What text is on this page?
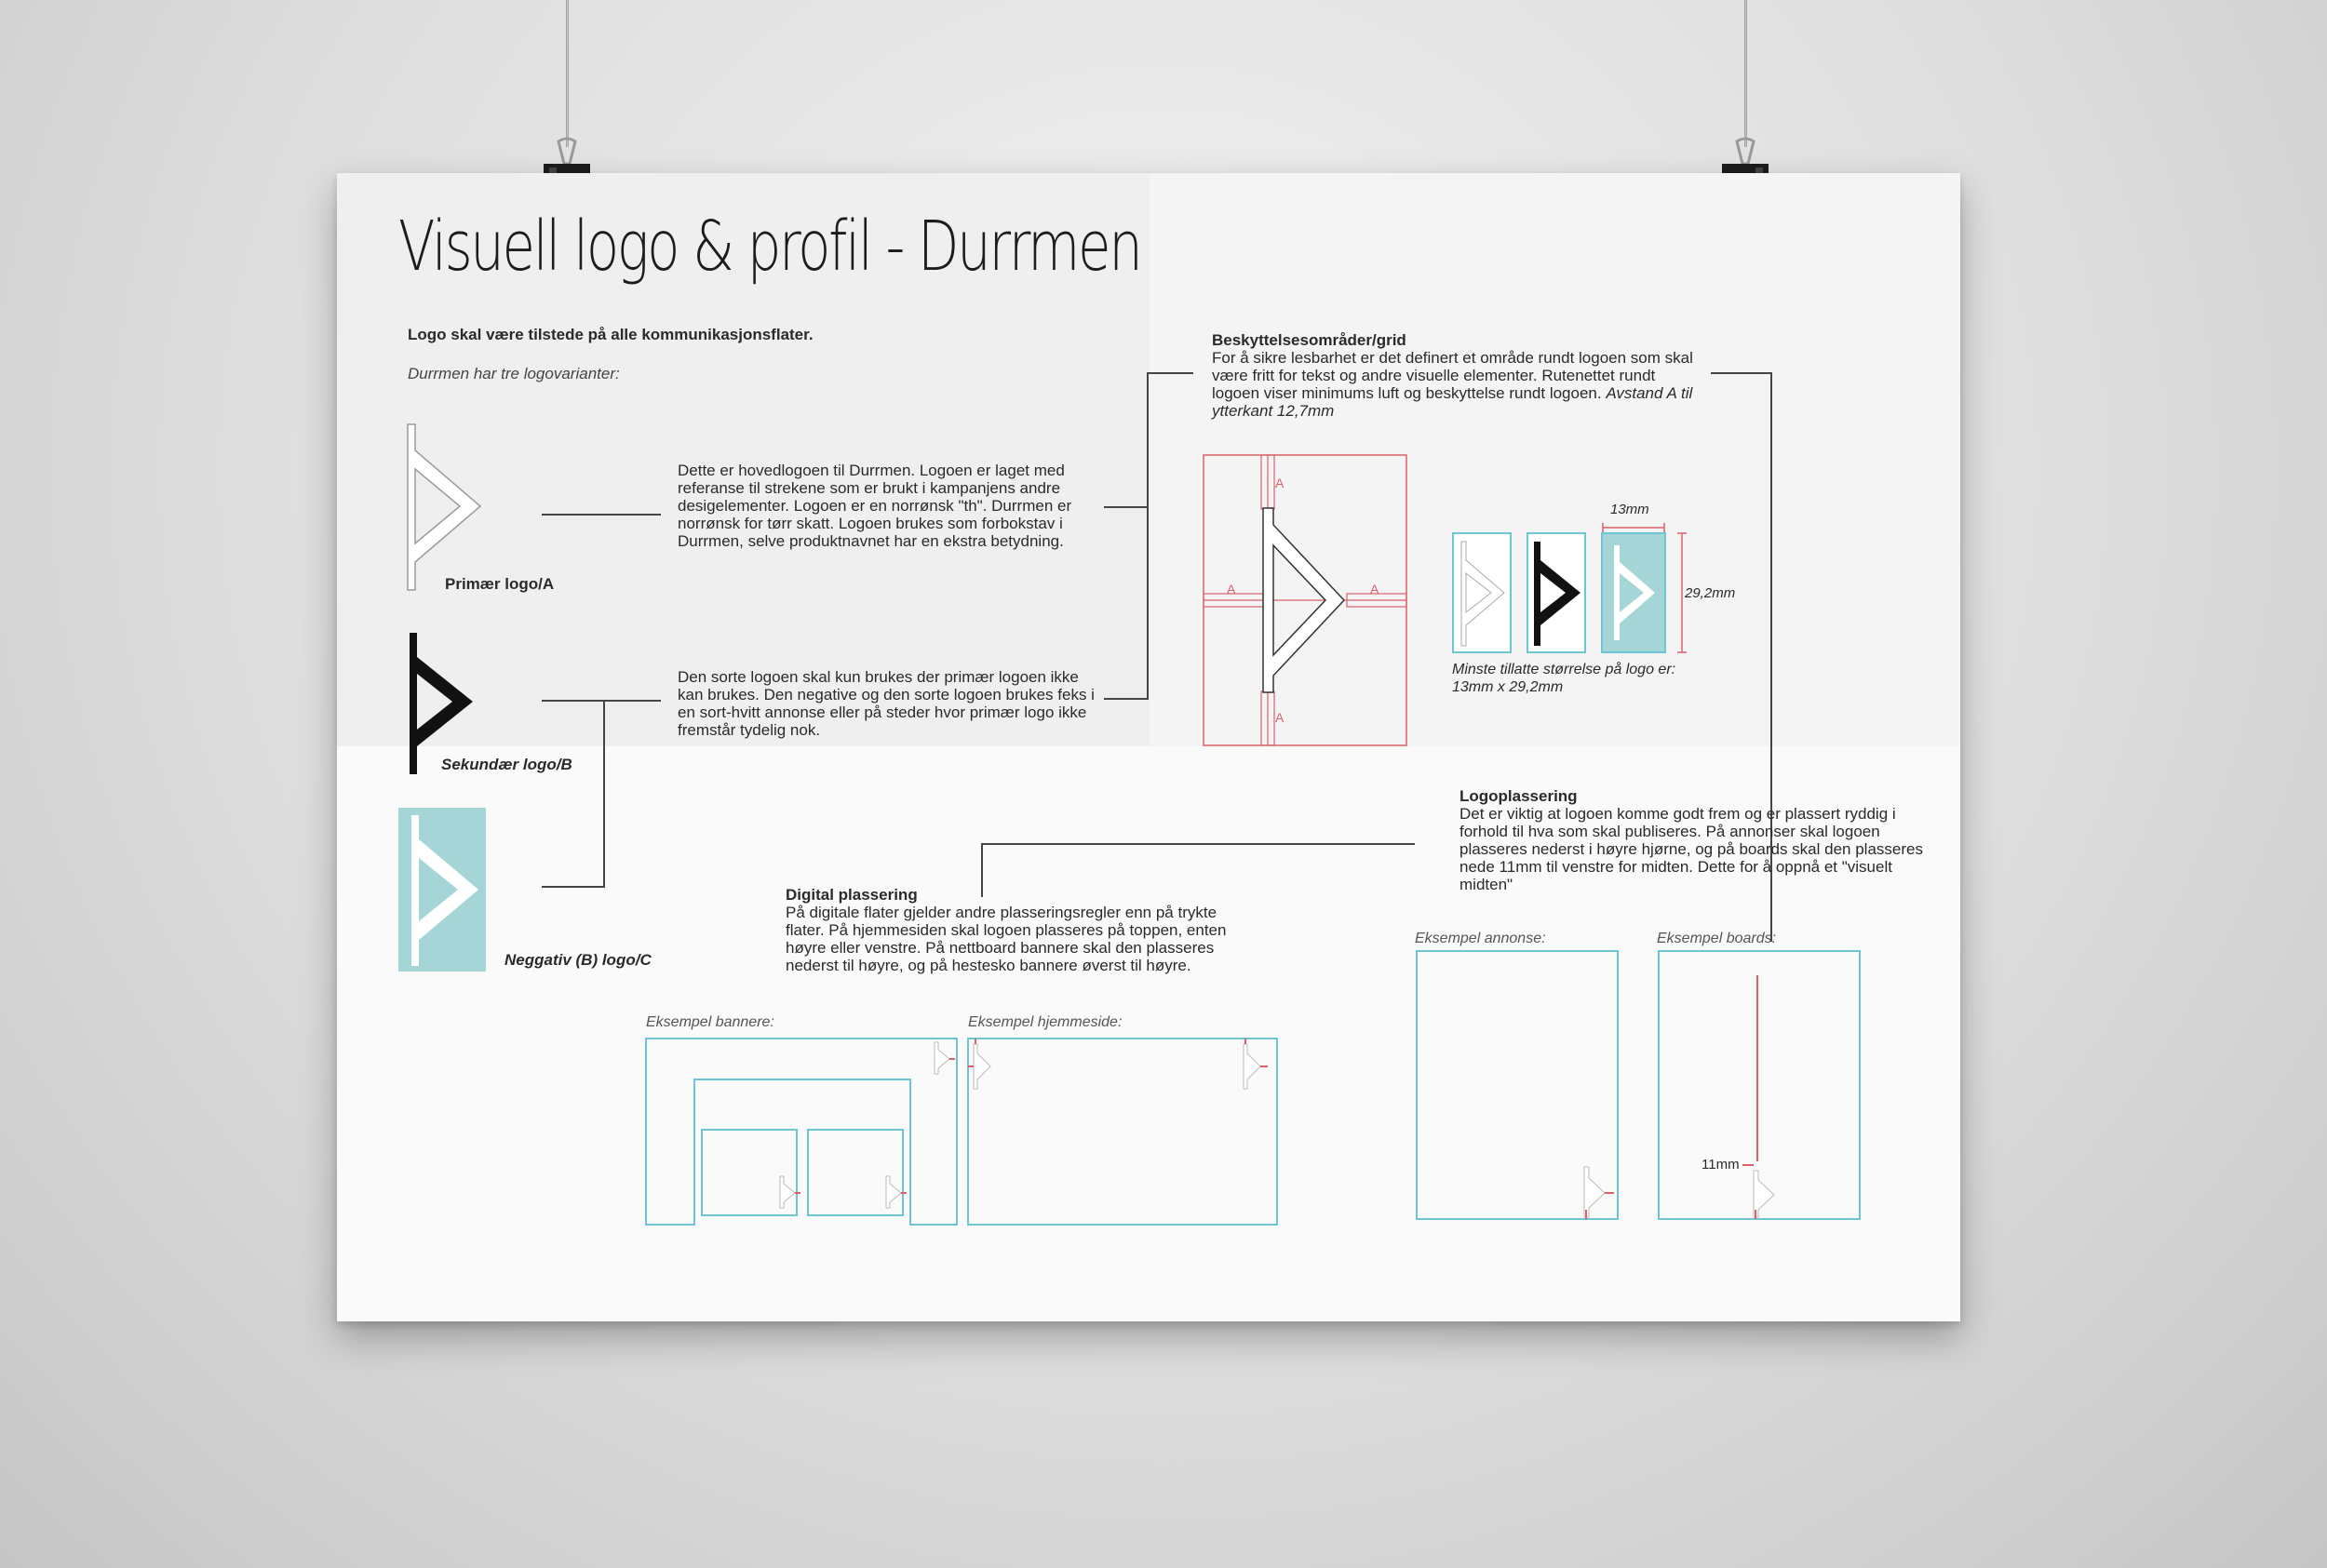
Visuell logo & profil - Durrmen
Logo skal være tilstede på alle kommunikasjonsflater.
Durrmen har tre logovarianter:
Primær logo/A
Sekundær logo/B
Neggativ (B) logo/C
Dette er hovedlogoen til Durrmen. Logoen er laget med referanse til strekene som er brukt i kampanjens andre desigelementer. Logoen er en norrønsk "th". Durrmen er norrønsk for tørr skatt. Logoen brukes som forbokstav i Durrmen, selve produktnavnet har en ekstra betydning.
Den sorte logoen skal kun brukes der primær logoen ikke kan brukes. Den negative og den sorte logoen brukes feks i en sort-hvitt annonse eller på steder hvor primær logo ikke fremstår tydelig nok.
Beskyttelsesområder/grid
For å sikre lesbarhet er det definert et område rundt logoen som skal være fritt for tekst og andre visuelle elementer. Rutenettet rundt logoen viser minimums luft og beskyttelse rundt logoen. Avstand A til ytterkant 12,7mm
A
A	A
A
13mm
29,2mm
Minste tillatte størrelse på logo er: 13mm x 29,2mm
Logoplassering
Det er viktig at logoen komme godt frem og er plassert ryddig i forhold til hva som skal publiseres. På annonser skal logoen plasseres nederst i høyre hjørne, og på boards skal den plasseres nede 11mm til venstre for midten. Dette for å oppnå et "visuelt midten"
Digital plassering
På digitale flater gjelder andre plasseringsregler enn på trykte flater. På hjemmesiden skal logoen plasseres på toppen, enten høyre eller venstre. På nettboard bannere skal den plasseres nederst til høyre, og på hestesko bannere øverst til høyre.
Eksempel bannere:	Eksempel hjemmeside:
Eksempel annonse:	Eksempel boards:
11mm
